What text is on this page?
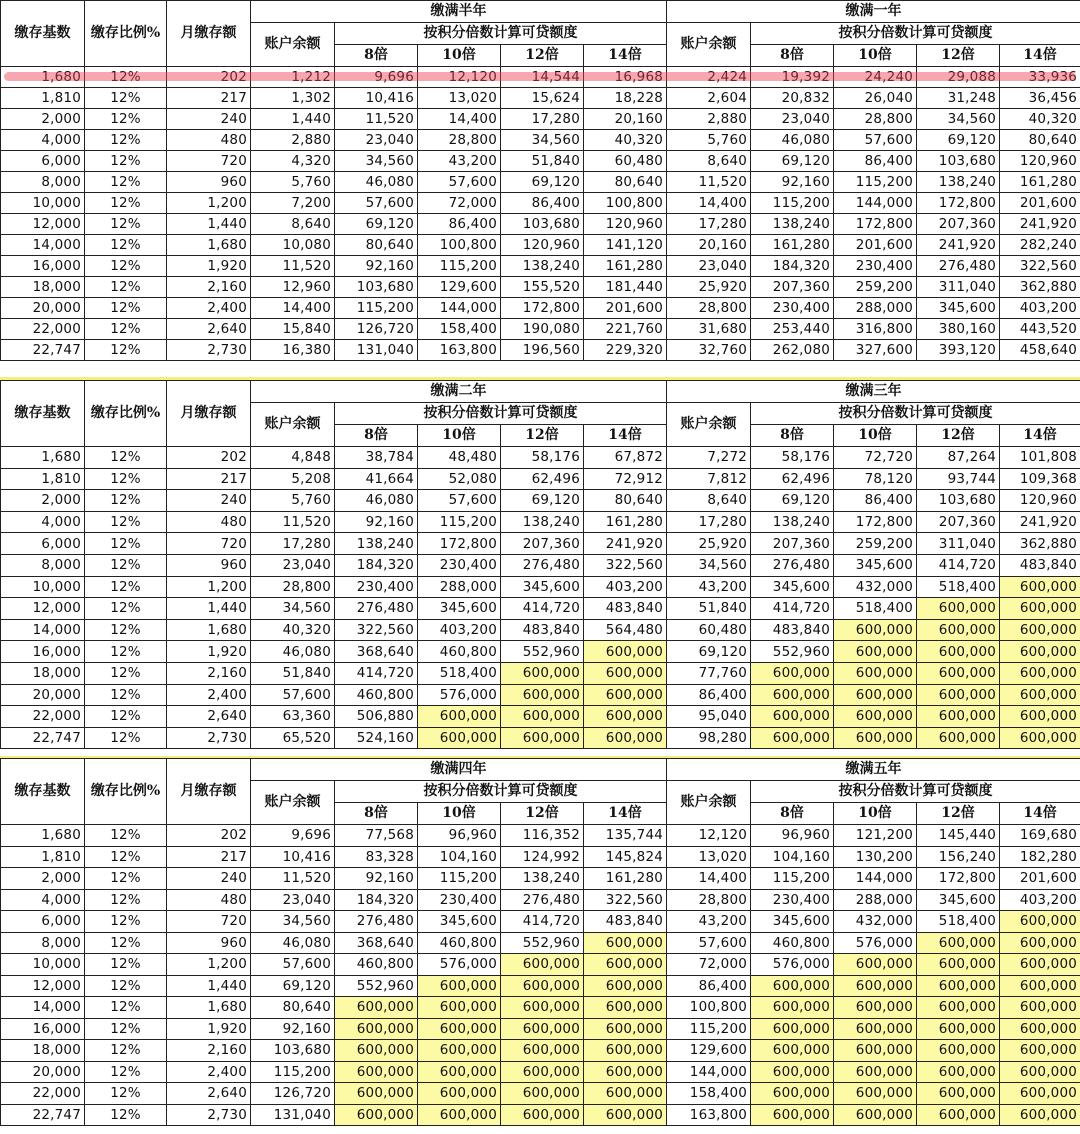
缴存基数	缴存比例%	月缴存额	缴满半年					缴满一年				
			账户余额	按积分倍数计算可贷额度				账户余额	按积分倍数计算可贷额度			
				8倍	10倍	12倍	14倍		8倍	10倍	12倍	14倍
1,680	12%	202	1,212	9,696	12,120	14,544	16,968	2,424	19,392	24,240	29,088	33,936
1,810	12%	217	1,302	10,416	13,020	15,624	18,228	2,604	20,832	26,040	31,248	36,456
2,000	12%	240	1,440	11,520	14,400	17,280	20,160	2,880	23,040	28,800	34,560	40,320
4,000	12%	480	2,880	23,040	28,800	34,560	40,320	5,760	46,080	57,600	69,120	80,640
6,000	12%	720	4,320	34,560	43,200	51,840	60,480	8,640	69,120	86,400	103,680	120,960
8,000	12%	960	5,760	46,080	57,600	69,120	80,640	11,520	92,160	115,200	138,240	161,280
10,000	12%	1,200	7,200	57,600	72,000	86,400	100,800	14,400	115,200	144,000	172,800	201,600
12,000	12%	1,440	8,640	69,120	86,400	103,680	120,960	17,280	138,240	172,800	207,360	241,920
14,000	12%	1,680	10,080	80,640	100,800	120,960	141,120	20,160	161,280	201,600	241,920	282,240
16,000	12%	1,920	11,520	92,160	115,200	138,240	161,280	23,040	184,320	230,400	276,480	322,560
18,000	12%	2,160	12,960	103,680	129,600	155,520	181,440	25,920	207,360	259,200	311,040	362,880
20,000	12%	2,400	14,400	115,200	144,000	172,800	201,600	28,800	230,400	288,000	345,600	403,200
22,000	12%	2,640	15,840	126,720	158,400	190,080	221,760	31,680	253,440	316,800	380,160	443,520
22,747	12%	2,730	16,380	131,040	163,800	196,560	229,320	32,760	262,080	327,600	393,120	458,640
缴存基数	缴存比例%	月缴存额	缴满二年					缴满三年				
			账户余额	按积分倍数计算可贷额度				账户余额	按积分倍数计算可贷额度			
				8倍	10倍	12倍	14倍		8倍	10倍	12倍	14倍
1,680	12%	202	4,848	38,784	48,480	58,176	67,872	7,272	58,176	72,720	87,264	101,808
1,810	12%	217	5,208	41,664	52,080	62,496	72,912	7,812	62,496	78,120	93,744	109,368
2,000	12%	240	5,760	46,080	57,600	69,120	80,640	8,640	69,120	86,400	103,680	120,960
4,000	12%	480	11,520	92,160	115,200	138,240	161,280	17,280	138,240	172,800	207,360	241,920
6,000	12%	720	17,280	138,240	172,800	207,360	241,920	25,920	207,360	259,200	311,040	362,880
8,000	12%	960	23,040	184,320	230,400	276,480	322,560	34,560	276,480	345,600	414,720	483,840
10,000	12%	1,200	28,800	230,400	288,000	345,600	403,200	43,200	345,600	432,000	518,400	600,000
12,000	12%	1,440	34,560	276,480	345,600	414,720	483,840	51,840	414,720	518,400	600,000	600,000
14,000	12%	1,680	40,320	322,560	403,200	483,840	564,480	60,480	483,840	600,000	600,000	600,000
16,000	12%	1,920	46,080	368,640	460,800	552,960	600,000	69,120	552,960	600,000	600,000	600,000
18,000	12%	2,160	51,840	414,720	518,400	600,000	600,000	77,760	600,000	600,000	600,000	600,000
20,000	12%	2,400	57,600	460,800	576,000	600,000	600,000	86,400	600,000	600,000	600,000	600,000
22,000	12%	2,640	63,360	506,880	600,000	600,000	600,000	95,040	600,000	600,000	600,000	600,000
22,747	12%	2,730	65,520	524,160	600,000	600,000	600,000	98,280	600,000	600,000	600,000	600,000
缴存基数	缴存比例%	月缴存额	缴满四年					缴满五年				
			账户余额	按积分倍数计算可贷额度				账户余额	按积分倍数计算可贷额度			
				8倍	10倍	12倍	14倍		8倍	10倍	12倍	14倍
1,680	12%	202	9,696	77,568	96,960	116,352	135,744	12,120	96,960	121,200	145,440	169,680
1,810	12%	217	10,416	83,328	104,160	124,992	145,824	13,020	104,160	130,200	156,240	182,280
2,000	12%	240	11,520	92,160	115,200	138,240	161,280	14,400	115,200	144,000	172,800	201,600
4,000	12%	480	23,040	184,320	230,400	276,480	322,560	28,800	230,400	288,000	345,600	403,200
6,000	12%	720	34,560	276,480	345,600	414,720	483,840	43,200	345,600	432,000	518,400	600,000
8,000	12%	960	46,080	368,640	460,800	552,960	600,000	57,600	460,800	576,000	600,000	600,000
10,000	12%	1,200	57,600	460,800	576,000	600,000	600,000	72,000	576,000	600,000	600,000	600,000
12,000	12%	1,440	69,120	552,960	600,000	600,000	600,000	86,400	600,000	600,000	600,000	600,000
14,000	12%	1,680	80,640	600,000	600,000	600,000	600,000	100,800	600,000	600,000	600,000	600,000
16,000	12%	1,920	92,160	600,000	600,000	600,000	600,000	115,200	600,000	600,000	600,000	600,000
18,000	12%	2,160	103,680	600,000	600,000	600,000	600,000	129,600	600,000	600,000	600,000	600,000
20,000	12%	2,400	115,200	600,000	600,000	600,000	600,000	144,000	600,000	600,000	600,000	600,000
22,000	12%	2,640	126,720	600,000	600,000	600,000	600,000	158,400	600,000	600,000	600,000	600,000
22,747	12%	2,730	131,040	600,000	600,000	600,000	600,000	163,800	600,000	600,000	600,000	600,000
